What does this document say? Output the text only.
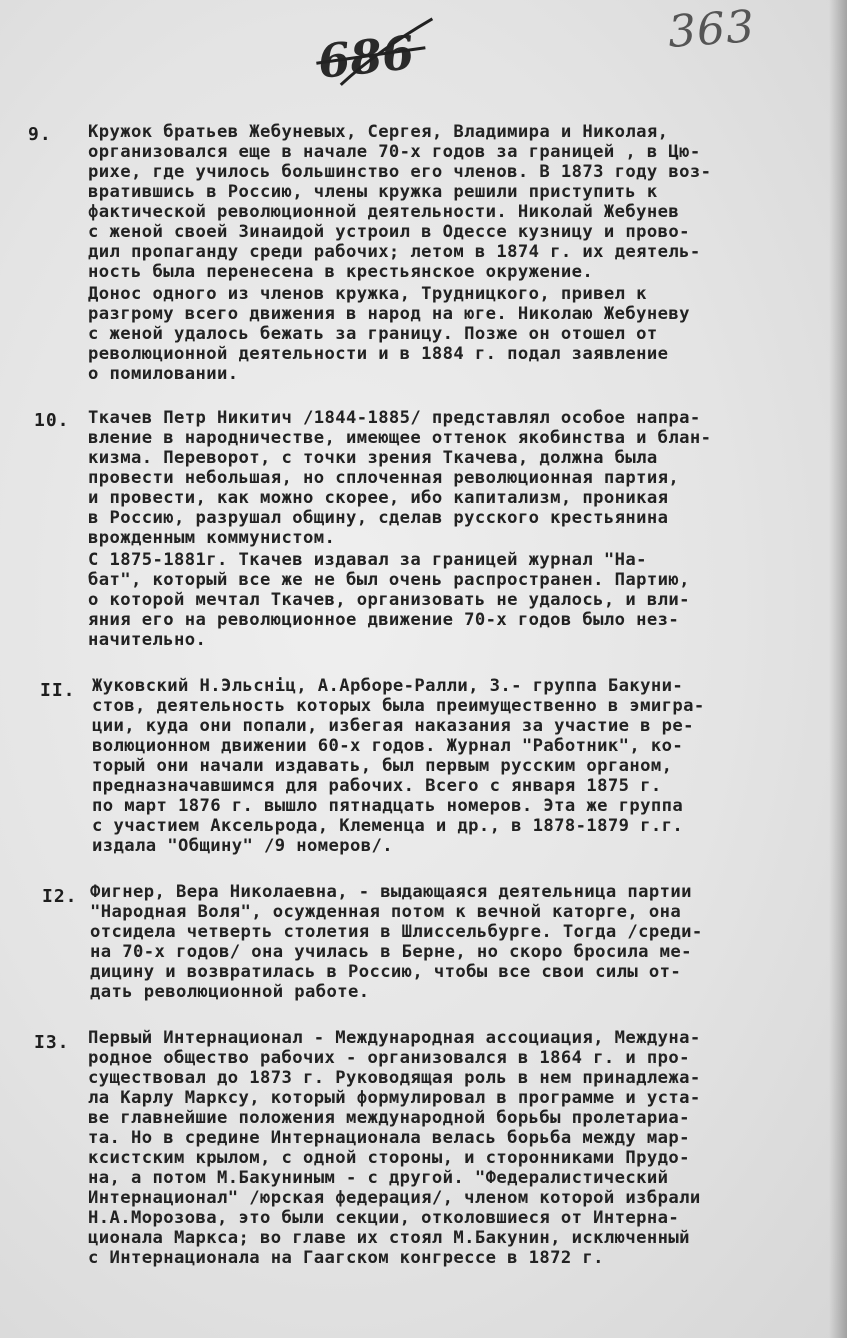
363
686
9. Кружок братьев Жебуневых, Сергея, Владимира и Николая,
организовался еще в начале 70-х годов за границей , в Цю-
рихе, где училось большинство его членов. В 1873 году воз-
вратившись в Россию, члены кружка решили приступить к
фактической революционной деятельности. Николай Жебунев
с женой своей Зинаидой устроил в Одессе кузницу и прово-
дил пропаганду среди рабочих; летом в 1874 г. их деятель-
ность была перенесена в крестьянское окружение.
Донос одного из членов кружка, Трудницкого, привел к
разгрому всего движения в народ на юге. Николаю Жебуневу
с женой удалось бежать за границу. Позже он отошел от
революционной деятельности и в 1884 г. подал заявление
о помиловании.
10. Ткачев Петр Никитич /1844-1885/ представлял особое напра-
вление в народничестве, имеющее оттенок якобинства и блан-
кизма. Переворот, с точки зрения Ткачева, должна была
провести небольшая, но сплоченная революционная партия,
и провести, как можно скорее, ибо капитализм, проникая
в Россию, разрушал общину, сделав русского крестьянина
врожденным коммунистом.
С 1875-1881г. Ткачев издавал за границей журнал "На-
бат", который все же не был очень распространен. Партию,
о которой мечтал Ткачев, организовать не удалось, и вли-
яния его на революционное движение 70-х годов было нез-
начительно.
II. Жуковский Н.Эльсніц, А.Арборе-Ралли, З.- группа Бакуни-
стов, деятельность которых была преимущественно в эмигра-
ции, куда они попали, избегая наказания за участие в ре-
волюционном движении 60-х годов. Журнал "Работник", ко-
торый они начали издавать, был первым русским органом,
предназначавшимся для рабочих. Всего с января 1875 г.
по март 1876 г. вышло пятнадцать номеров. Эта же группа
с участием Аксельрода, Клеменца и др., в 1878-1879 г.г.
издала "Общину" /9 номеров/.
I2. Фигнер, Вера Николаевна, - выдающаяся деятельница партии
"Народная Воля", осужденная потом к вечной каторге, она
отсидела четверть столетия в Шлиссельбурге. Тогда /среди-
на 70-х годов/ она училась в Берне, но скоро бросила ме-
дицину и возвратилась в Россию, чтобы все свои силы от-
дать революционной работе.
I3. Первый Интернационал - Международная ассоциация, Междуна-
родное общество рабочих - организовался в 1864 г. и про-
существовал до 1873 г. Руководящая роль в нем принадлежа-
ла Карлу Марксу, который формулировал в программе и уста-
ве главнейшие положения международной борьбы пролетариа-
та. Но в средине Интернационала велась борьба между мар-
ксистским крылом, с одной стороны, и сторонниками Прудо-
на, а потом М.Бакуниным - с другой. "Федералистический
Интернационал" /юрская федерация/, членом которой избрали
Н.А.Морозова, это были секции, отколовшиеся от Интерна-
ционала Маркса; во главе их стоял М.Бакунин, исключенный
с Интернационала на Гаагском конгрессе в 1872 г.
